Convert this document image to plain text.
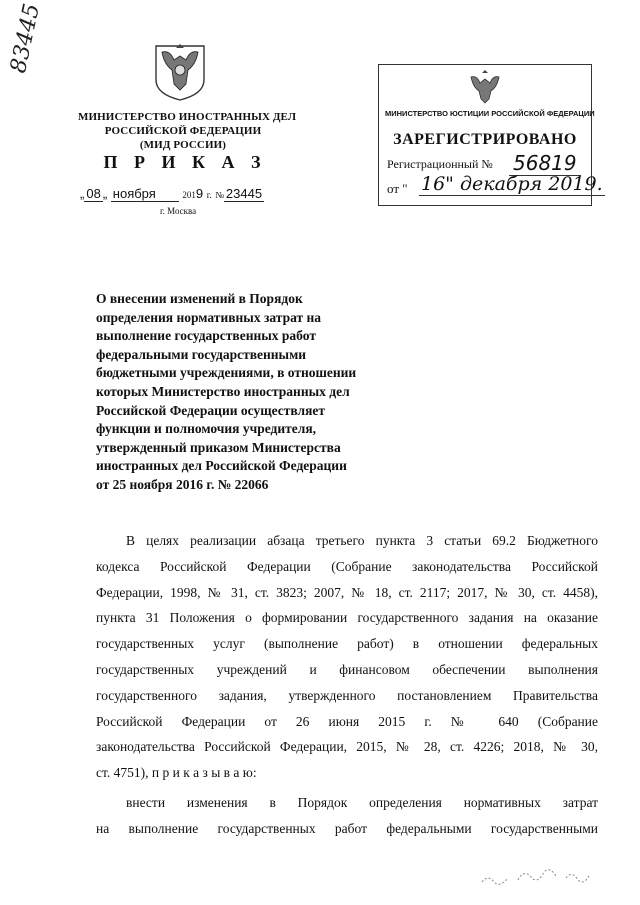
83445
МИНИСТЕРСТВО ИНОСТРАННЫХ ДЕЛ
РОССИЙСКОЙ ФЕДЕРАЦИИ
(МИД РОССИИ)
П Р И К А З
„ 08 „ ноября	2019 г. № 23445
г. Москва
МИНИСТЕРСТВО ЮСТИЦИИ РОССИЙСКОЙ ФЕДЕРАЦИИ
ЗАРЕГИСТРИРОВАНО
Регистрационный № 56819
от " 16" декабря 2019.
О внесении изменений в Порядок
определения нормативных затрат на
выполнение государственных работ
федеральными государственными
бюджетными учреждениями, в отношении
которых Министерство иностранных дел
Российской Федерации осуществляет
функции и полномочия учредителя,
утвержденный приказом Министерства
иностранных дел Российской Федерации
от 25 ноября 2016 г. № 22066
В целях реализации абзаца третьего пункта 3 статьи 69.2 Бюджетного
кодекса Российской Федерации (Собрание законодательства Российской
Федерации, 1998, № 31, ст. 3823; 2007, № 18, ст. 2117; 2017, № 30, ст. 4458),
пункта 31 Положения о формировании государственного задания на оказание
государственных услуг (выполнение работ) в отношении федеральных
государственных учреждений и финансовом обеспечении выполнения
государственного задания, утвержденного постановлением Правительства
Российской Федерации от 26 июня 2015 г. № 640 (Собрание
законодательства Российской Федерации, 2015, № 28, ст. 4226; 2018, № 30,
ст. 4751), п р и к а з ы в а ю:
внести изменения в Порядок определения нормативных затрат
на выполнение государственных работ федеральными государственными
